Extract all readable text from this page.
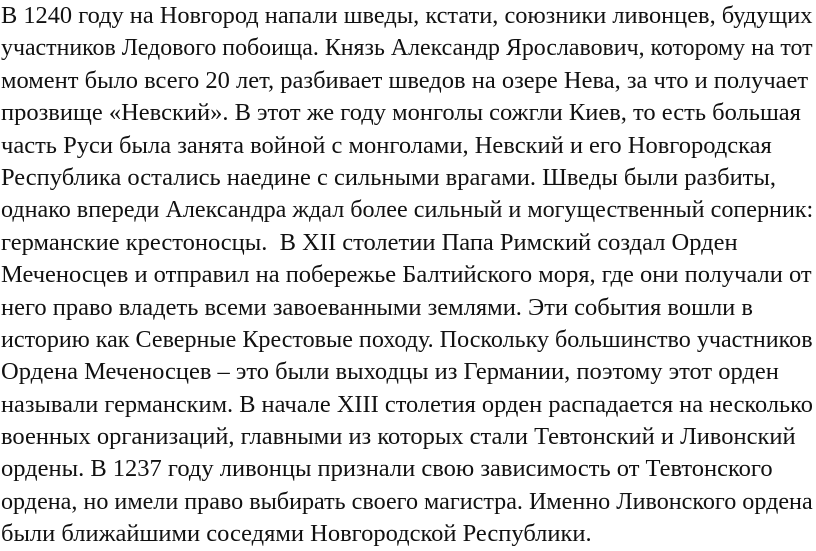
В 1240 году на Новгород напали шведы, кстати, союзники ливонцев, будущих
участников Ледового побоища. Князь Александр Ярославович, которому на тот
момент было всего 20 лет, разбивает шведов на озере Нева, за что и получает
прозвище «Невский». В этот же году монголы сожгли Киев, то есть большая
часть Руси была занята войной с монголами, Невский и его Новгородская
Республика остались наедине с сильными врагами. Шведы были разбиты,
однако впереди Александра ждал более сильный и могущественный соперник:
германские крестоносцы.  В XII столетии Папа Римский создал Орден
Меченосцев и отправил на побережье Балтийского моря, где они получали от
него право владеть всеми завоеванными землями. Эти события вошли в
историю как Северные Крестовые походу. Поскольку большинство участников
Ордена Меченосцев – это были выходцы из Германии, поэтому этот орден
называли германским. В начале XIII столетия орден распадается на несколько
военных организаций, главными из которых стали Тевтонский и Ливонский
ордены. В 1237 году ливонцы признали свою зависимость от Тевтонского
ордена, но имели право выбирать своего магистра. Именно Ливонского ордена
были ближайшими соседями Новгородской Республики.
